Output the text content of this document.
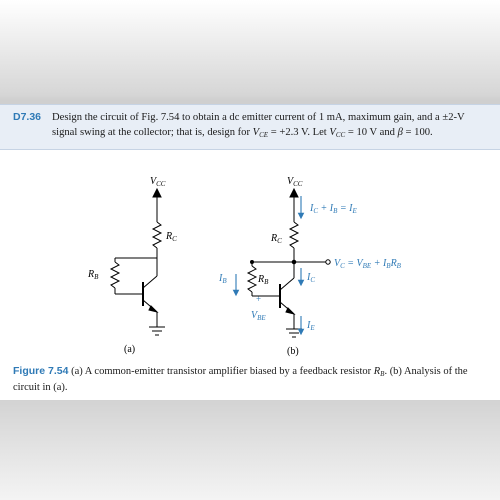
D7.36 Design the circuit of Fig. 7.54 to obtain a dc emitter current of 1 mA, maximum gain, and a ±2-V signal swing at the collector; that is, design for $V_{CE} = +2.3$ V. Let $V_{CC} = 10$ V and β = 100.
$V_{CC}$
$R_C$
$R_B$
(a)
$V_{CC}$
$R_C$
$R_B$
$I_C + I_B = I_E$
$V_C = V_{BE} + I_BR_B$
$I_B$	$I_C$
$I_E$
+
$V_{BE}$
(b)
Figure 7.54 (a) A common-emitter transistor amplifier biased by a feedback resistor $R_B$. (b) Analysis of the circuit in (a).
